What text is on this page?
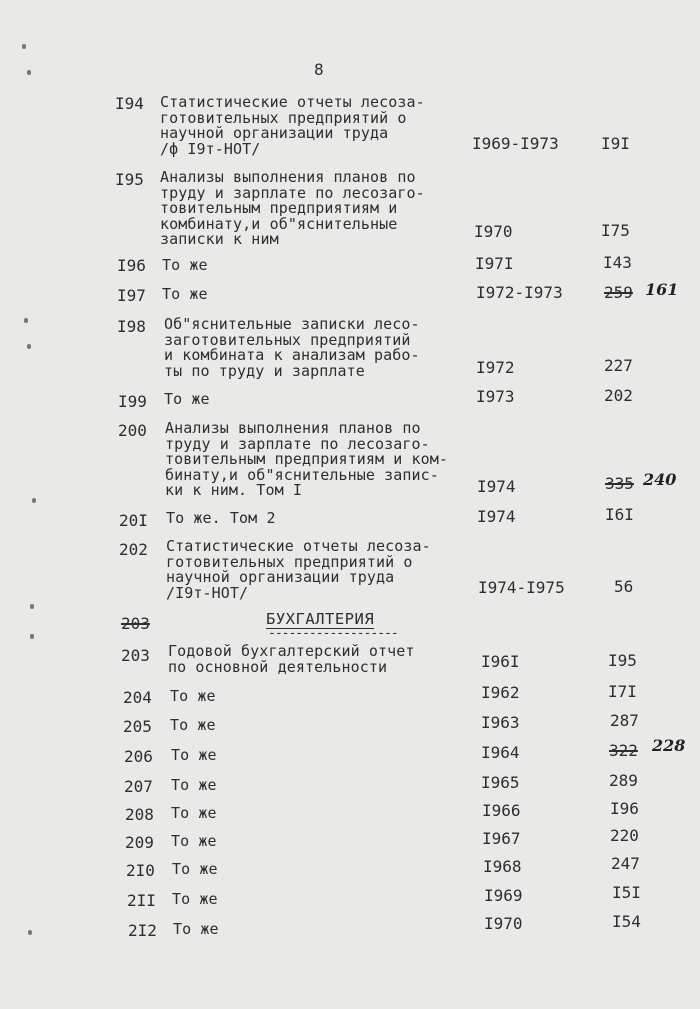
8
I94 Статистические отчеты лесоза-
готовительных предприятий о
научной организации труда
/ф I9т-НОТ/	I969-I973	I9I
I95 Анализы выполнения планов по
труду и зарплате по лесозаго-
товительным предприятиям и
комбинату,и об"яснительные
записки к ним	I970	I75
I96 То же	I97I	I43
I97 То же	I972-I973	259 161
I98 Об"яснительные записки лесо-
заготовительных предприятий
и комбината к анализам рабо-
ты по труду и зарплате	I972	227
I99 То же	I973	202
200 Анализы выполнения планов по
труду и зарплате по лесозаго-
товительным предприятиям и ком-
бинату,и об"яснительные запис-
ки к ним. Том I	I974	335 240
20I То же. Том 2	I974	I6I
202 Статистические отчеты лесоза-
готовительных предприятий о
научной организации труда
/I9т-НОТ/	I974-I975	56
203	БУХГАЛТЕРИЯ
-------------------
203 Годовой бухгалтерский отчет
по основной деятельности	I96I	I95
204 То же	I962	I7I
205 То же	I963	287
206 То же	I964	322 228
207 То же	I965	289
208 То же	I966	I96
209 То же	I967	220
2I0 То же	I968	247
2II То же	I969	I5I
2I2 То же	I970	I54
